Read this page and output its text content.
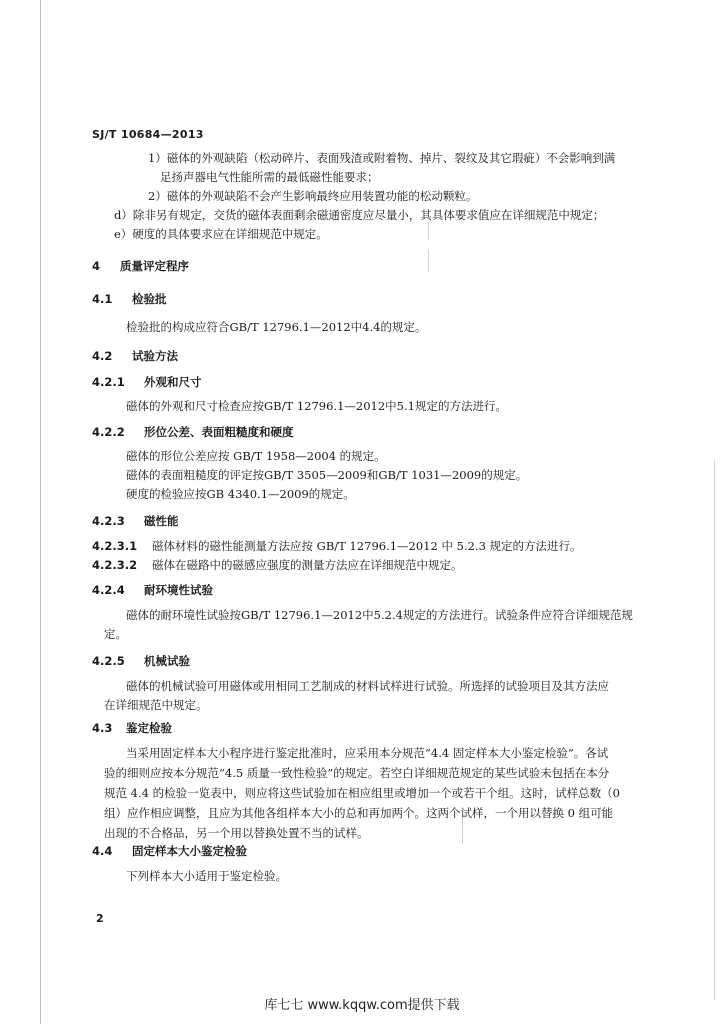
SJ/T 10684—2013
1）磁体的外观缺陷（松动碎片、表面残渣或附着物、掉片、裂纹及其它瑕疵）不会影响到满
足扬声器电气性能所需的最低磁性能要求；
2）磁体的外观缺陷不会产生影响最终应用装置功能的松动颗粒。
d）除非另有规定，交货的磁体表面剩余磁通密度应尽量小，其具体要求值应在详细规范中规定；
e）硬度的具体要求应在详细规范中规定。
4 质量评定程序
4.1 检验批
检验批的构成应符合GB/T 12796.1—2012中4.4的规定。
4.2 试验方法
4.2.1 外观和尺寸
磁体的外观和尺寸检查应按GB/T 12796.1—2012中5.1规定的方法进行。
4.2.2 形位公差、表面粗糙度和硬度
磁体的形位公差应按 GB/T 1958—2004 的规定。
磁体的表面粗糙度的评定按GB/T 3505—2009和GB/T 1031—2009的规定。
硬度的检验应按GB 4340.1—2009的规定。
4.2.3 磁性能
4.2.3.1 磁体材料的磁性能测量方法应按 GB/T 12796.1—2012 中 5.2.3 规定的方法进行。
4.2.3.2 磁体在磁路中的磁感应强度的测量方法应在详细规范中规定。
4.2.4 耐环境性试验
磁体的耐环境性试验按GB/T 12796.1—2012中5.2.4规定的方法进行。试验条件应符合详细规范规
定。
4.2.5 机械试验
磁体的机械试验可用磁体或用相同工艺制成的材料试样进行试验。所选择的试验项目及其方法应
在详细规范中规定。
4.3 鉴定检验
当采用固定样本大小程序进行鉴定批准时，应采用本分规范“4.4 固定样本大小鉴定检验”。各试
验的细则应按本分规范“4.5 质量一致性检验”的规定。若空白详细规范规定的某些试验未包括在本分
规范 4.4 的检验一览表中，则应将这些试验加在相应组里或增加一个或若干个组。这时，试样总数（0
组）应作相应调整，且应为其他各组样本大小的总和再加两个。这两个试样，一个用以替换 0 组可能
出现的不合格品，另一个用以替换处置不当的试样。
4.4 固定样本大小鉴定检验
下列样本大小适用于鉴定检验。
2
库七七 www.kqqw.com提供下载
